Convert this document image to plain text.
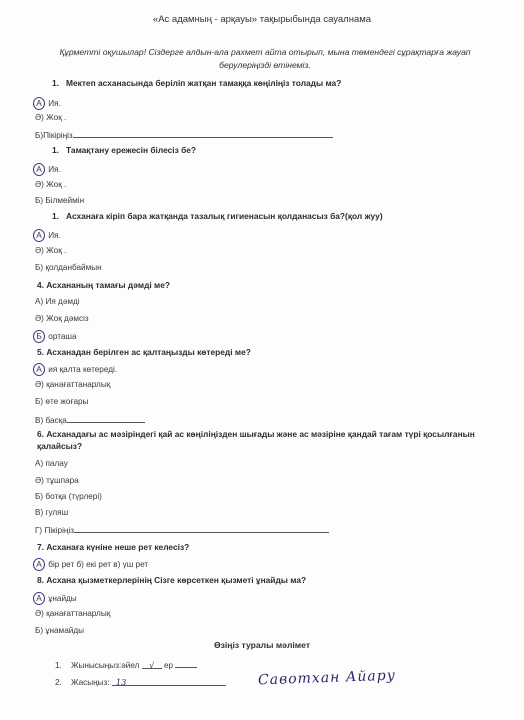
«Ас адамның - арқауы» тақырыбында сауалнама
Құрметті оқушылар! Сіздерге алдын-ала рахмет айта отырып, мына төмендегі сұрақтарға жауап
берулеріңізді өтінеміз.
1. Мектеп асханасында беріліп жатқан тамаққа көңіліңіз толады ма?
А Ия.
Ә) Жоқ .
Б)Пікіріңіз
1. Тамақтану ережесін білесіз бе?
А Ия.
Ә) Жоқ .
Б) Білмеймін
1. Асханаға кіріп бара жатқанда тазалық гигиенасын қолданасыз ба?(қол жуу)
А Ия.
Ә) Жоқ .
Б) қолданбаймын
4. Асхананың тамағы дәмді ме?
А) Ия дәмді
Ә) Жоқ дәмсіз
Б орташа
5. Асханадан берілген ас қалтаңызды көтереді ме?
А ия қалта көтереді.
Ә) қанағаттанарлық
Б) өте жоғары
В) басқа
6. Асханадағы ас мәзіріндегі қай ас көңіліңізден шығады және ас мәзіріне қандай тағам түрі қосылғанын
қалайсыз?
А) палау
Ә) тұшпара
Б) ботқа (түрлері)
В) гуляш
Г) Пікіріңіз
7. Асханаға күніне неше рет келесіз?
А бір рет б) екі рет в) үш рет
8. Асхана қызметкерлерінің Сізге көрсеткен қызметі ұнайды ма?
А ұнайды
Ә) қанағаттанарлық
Б) ұнамайды
Өзіңіз туралы мәлімет
1. Жынысыңыз:әйел √ ер
2. Жасыңыз: 13	Савотхан Айару
